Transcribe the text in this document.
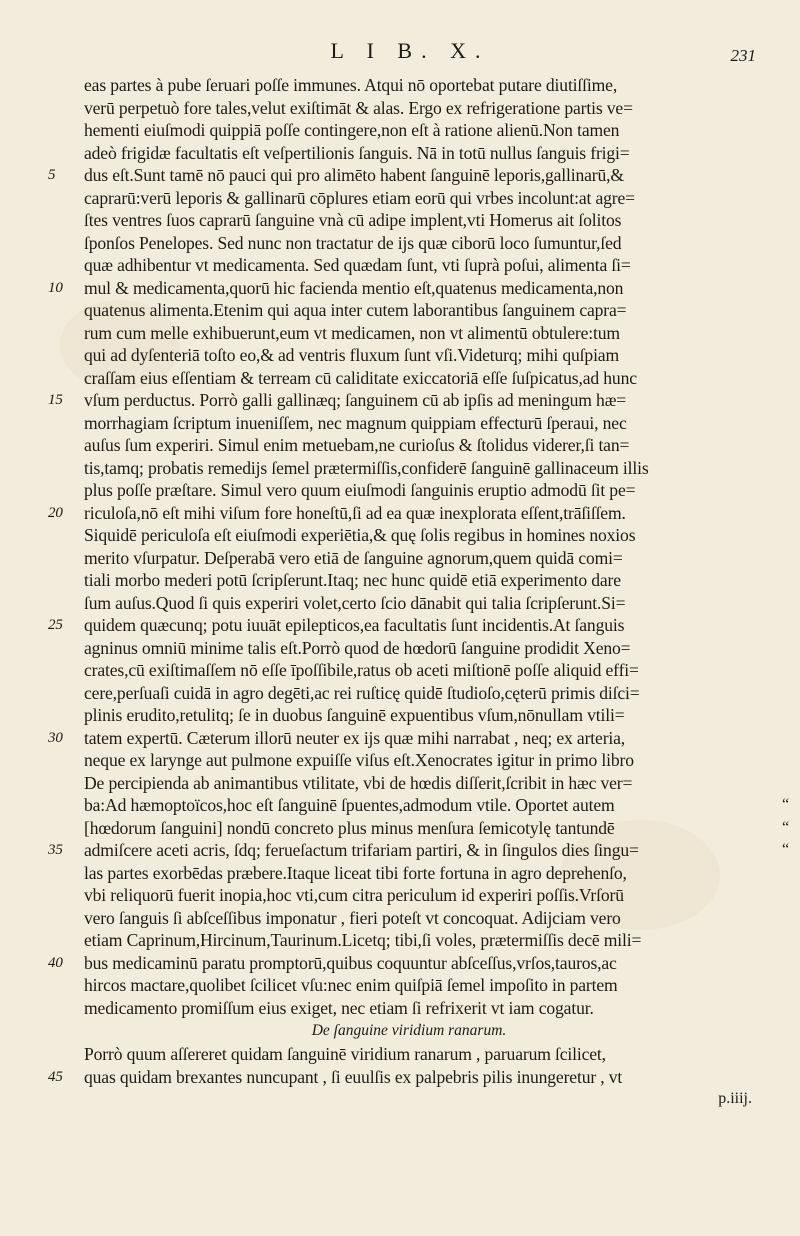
L I B. X.	231
eas partes à pube ſeruari poſſe immunes. Atqui nō oportebat putare diutiſſime,
verū perpetuò fore tales,velut exiſtimāt & alas. Ergo ex refrigeratione partis ve=
hementi eiuſmodi quippiā poſſe contingere,non eſt à ratione alienū.Non tamen
adeò frigidæ facultatis eſt veſpertilionis ſanguis. Nā in totū nullus ſanguis frigi=
5	dus eſt.Sunt tamē nō pauci qui pro alimēto habent ſanguinē leporis,gallinarū,&
caprarū:verū leporis & gallinarū cōplures etiam eorū qui vrbes incolunt:at agre=
ſtes ventres ſuos caprarū ſanguine vnà cū adipe implent,vti Homerus ait ſolitos
ſponſos Penelopes. Sed nunc non tractatur de ijs quæ ciborū loco ſumuntur,ſed
quæ adhibentur vt medicamenta. Sed quædam ſunt, vti ſuprà poſui, alimenta ſi=
10	mul & medicamenta,quorū hic facienda mentio eſt,quatenus medicamenta,non
quatenus alimenta.Etenim qui aqua inter cutem laborantibus ſanguinem capra=
rum cum melle exhibuerunt,eum vt medicamen, non vt alimentū obtulere:tum
qui ad dyſenteriā toſto eo,& ad ventris fluxum ſunt vſi.Videturq; mihi quſpiam
craſſam eius eſſentiam & terream cū caliditate exiccatoriā eſſe ſuſpicatus,ad hunc
15	vſum perductus. Porrò galli gallinæq; ſanguinem cū ab ipſis ad meningum hæ=
morrhagiam ſcriptum inueniſſem, nec magnum quippiam effecturū ſperaui, nec
auſus ſum experiri. Simul enim metuebam,ne curioſus & ſtolidus viderer,ſi tan=
tis,tamq; probatis remedijs ſemel prætermiſſis,confiderē ſanguinē gallinaceum illis
plus poſſe præſtare. Simul vero quum eiuſmodi ſanguinis eruptio admodū ſit pe=
20	riculoſa,nō eſt mihi viſum fore honeſtū,ſi ad ea quæ inexplorata eſſent,trāſiſſem.
Siquidē periculoſa eſt eiuſmodi experiētia,& quę ſolis regibus in homines noxios
merito vſurpatur. Deſperabā vero etiā de ſanguine agnorum,quem quidā comi=
tiali morbo mederi potū ſcripſerunt.Itaq; nec hunc quidē etiā experimento dare
ſum auſus.Quod ſi quis experiri volet,certo ſcio dānabit qui talia ſcripſerunt.Si=
25	quidem quæcunq; potu iuuāt epilepticos,ea facultatis ſunt incidentis.At ſanguis
agninus omniū minime talis eſt.Porrò quod de hœdorū ſanguine prodidit Xeno=
crates,cū exiſtimaſſem nō eſſe īpoſſibile,ratus ob aceti miſtionē poſſe aliquid effi=
cere,perſuaſi cuidā in agro degēti,ac rei ruſticę quidē ſtudioſo,cęterū primis diſci=
plinis erudito,retulitq; ſe in duobus ſanguinē expuentibus vſum,nōnullam vtili=
30	tatem expertū. Cæterum illorū neuter ex ijs quæ mihi narrabat , neq; ex arteria,
neque ex larynge aut pulmone expuiſſe viſus eſt.Xenocrates igitur in primo libro
De percipienda ab animantibus vtilitate, vbi de hœdis diſſerit,ſcribit in hæc ver=
ba:Ad hæmoptoïcos,hoc eſt ſanguinē ſpuentes,admodum vtile. Oportet autem	“
[hœdorum ſanguini] nondū concreto plus minus menſura ſemicotylę tantundē	“
35	admiſcere aceti acris, ſdq; ferueſactum trifariam partiri, & in ſingulos dies ſingu=	“
las partes exorbēdas præbere.Itaque liceat tibi forte fortuna in agro deprehenſo,
vbi reliquorū fuerit inopia,hoc vti,cum citra periculum id experiri poſſis.Vrſorū
vero ſanguis ſi abſceſſibus imponatur , fieri poteſt vt concoquat. Adijciam vero
etiam Caprinum,Hircinum,Taurinum.Licetq; tibi,ſi voles, prætermiſſis decē mili=
40	bus medicaminū paratu promptorū,quibus coquuntur abſceſſus,vrſos,tauros,ac
hircos mactare,quolibet ſcilicet vſu:nec enim quiſpiā ſemel impoſito in partem
medicamento promiſſum eius exiget, nec etiam ſi refrixerit vt iam cogatur.
De ſanguine viridium ranarum.
Porrò quum aſſereret quidam ſanguinē viridium ranarum , paruarum ſcilicet,
45	quas quidam brexantes nuncupant , ſi euulſis ex palpebris pilis inungeretur , vt
p.iiij.
